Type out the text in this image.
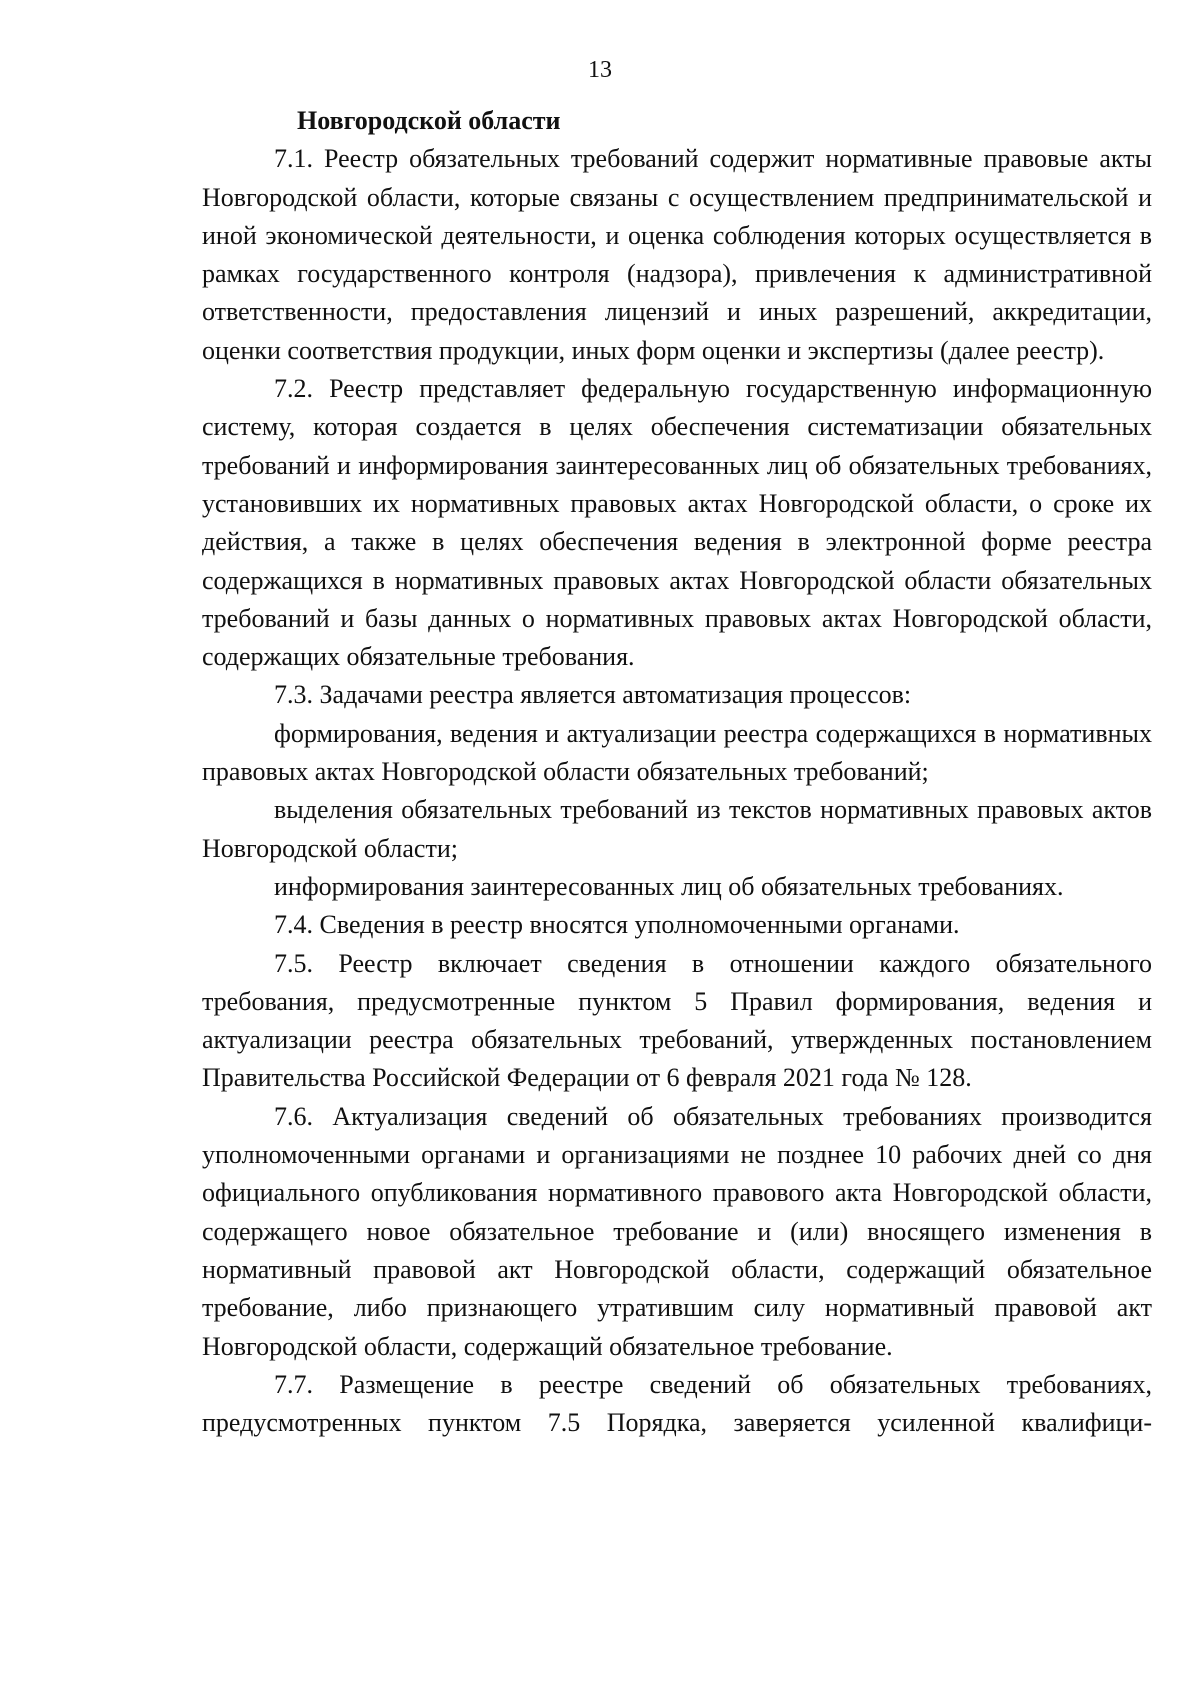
13
Новгородской области

7.1. Реестр обязательных требований содержит нормативные правовые акты Новгородской области, которые связаны с осуществлением предпринимательской и иной экономической деятельности, и оценка соблюдения которых осуществляется в рамках государственного контроля (надзора), привлечения к административной ответственности, предоставления лицензий и иных разрешений, аккредитации, оценки соответствия продукции, иных форм оценки и экспертизы (далее реестр).

7.2. Реестр представляет федеральную государственную информационную систему, которая создается в целях обеспечения систематизации обязательных требований и информирования заинтересованных лиц об обязательных требованиях, установивших их нормативных правовых актах Новгородской области, о сроке их действия, а также в целях обеспечения ведения в электронной форме реестра содержащихся в нормативных правовых актах Новгородской области обязательных требований и базы данных о нормативных правовых актах Новгородской области, содержащих обязательные требования.

7.3. Задачами реестра является автоматизация процессов:

формирования, ведения и актуализации реестра содержащихся в нормативных правовых актах Новгородской области обязательных требований;

выделения обязательных требований из текстов нормативных правовых актов Новгородской области;

информирования заинтересованных лиц об обязательных требованиях.

7.4. Сведения в реестр вносятся уполномоченными органами.

7.5. Реестр включает сведения в отношении каждого обязательного требования, предусмотренные пунктом 5 Правил формирования, ведения и актуализации реестра обязательных требований, утвержденных постановлением Правительства Российской Федерации от 6 февраля 2021 года № 128.

7.6. Актуализация сведений об обязательных требованиях производится уполномоченными органами и организациями не позднее 10 рабочих дней со дня официального опубликования нормативного правового акта Новгородской области, содержащего новое обязательное требование и (или) вносящего изменения в нормативный правовой акт Новгородской области, содержащий обязательное требование, либо признающего утратившим силу нормативный правовой акт Новгородской области, содержащий обязательное требование.

7.7. Размещение в реестре сведений об обязательных требованиях, предусмотренных пунктом 7.5 Порядка, заверяется усиленной квалифици-
